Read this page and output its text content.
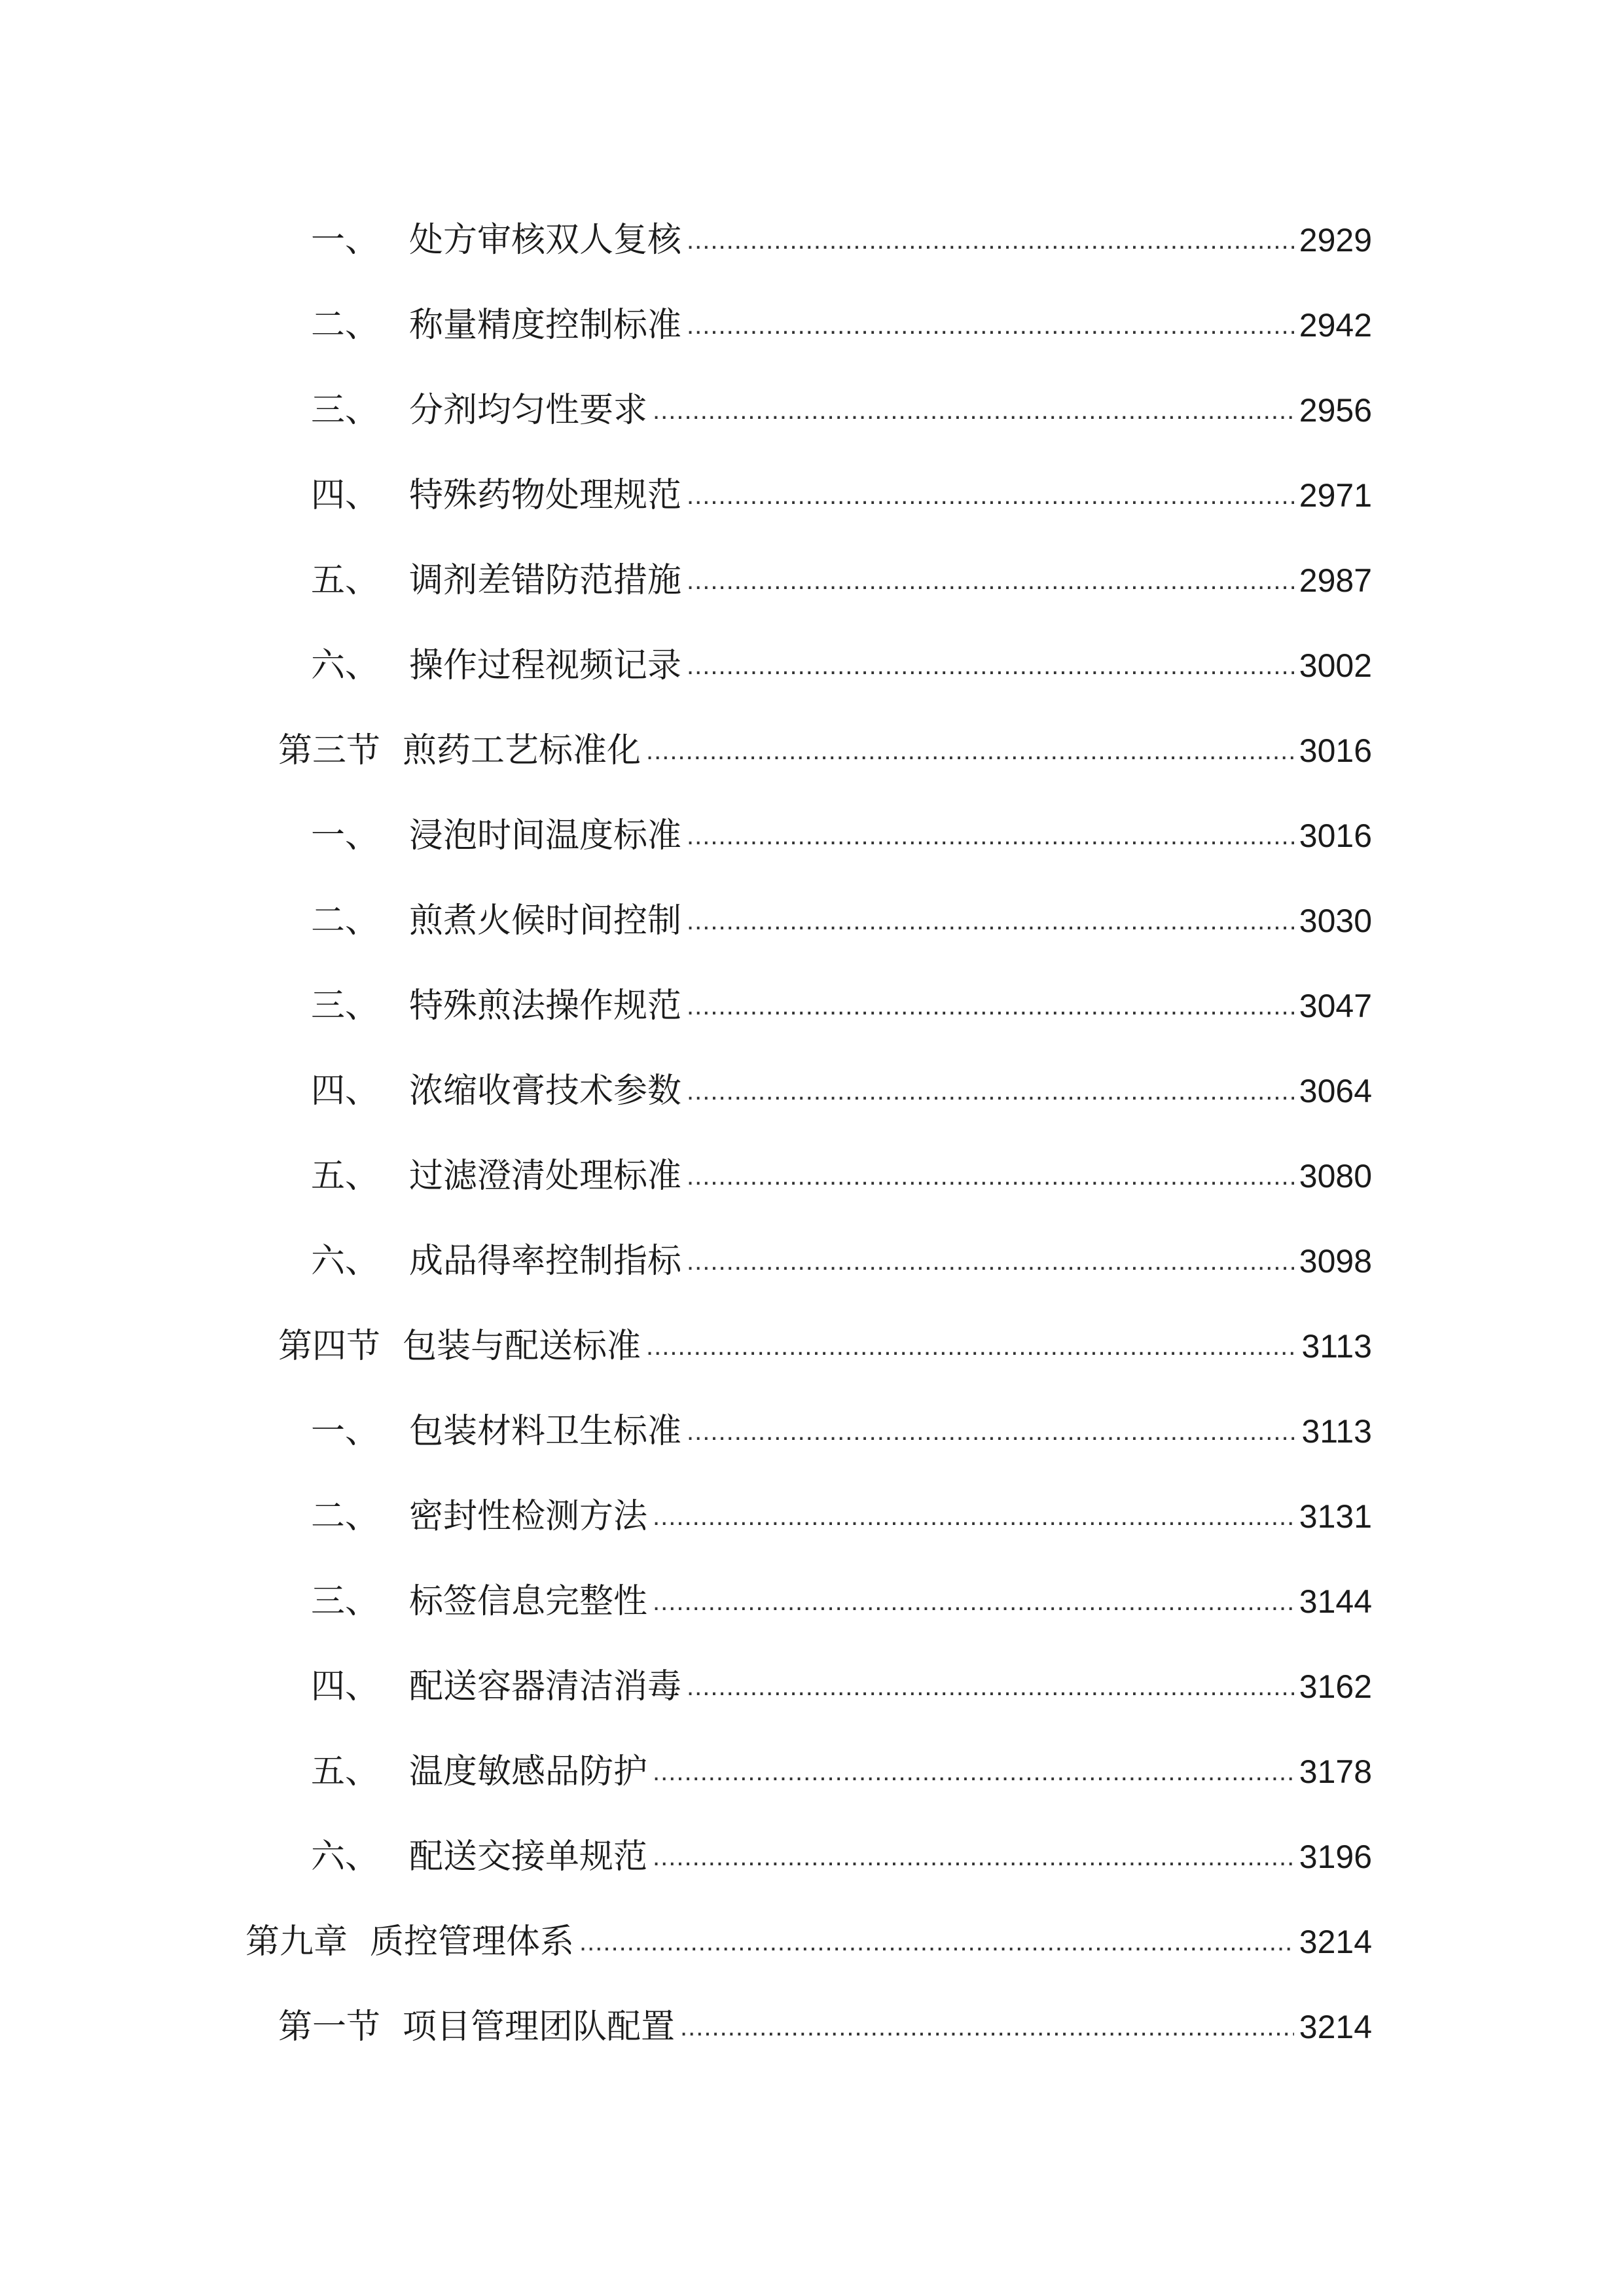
一、 处方审核双人复核 .....	2929
二、 称量精度控制标准 .....	2942
三、 分剂均匀性要求 .....	2956
四、 特殊药物处理规范 .....	2971
五、 调剂差错防范措施 .....	2987
六、 操作过程视频记录 .....	3002
第三节 煎药工艺标准化 .....	3016
一、 浸泡时间温度标准 .....	3016
二、 煎煮火候时间控制 .....	3030
三、 特殊煎法操作规范 .....	3047
四、 浓缩收膏技术参数 .....	3064
五、 过滤澄清处理标准 .....	3080
六、 成品得率控制指标 .....	3098
第四节 包装与配送标准 .....	3113
一、 包装材料卫生标准 .....	3113
二、 密封性检测方法 .....	3131
三、 标签信息完整性 .....	3144
四、 配送容器清洁消毒 .....	3162
五、 温度敏感品防护 .....	3178
六、 配送交接单规范 .....	3196
第九章 质控管理体系 .....	3214
第一节 项目管理团队配置 .....	3214
